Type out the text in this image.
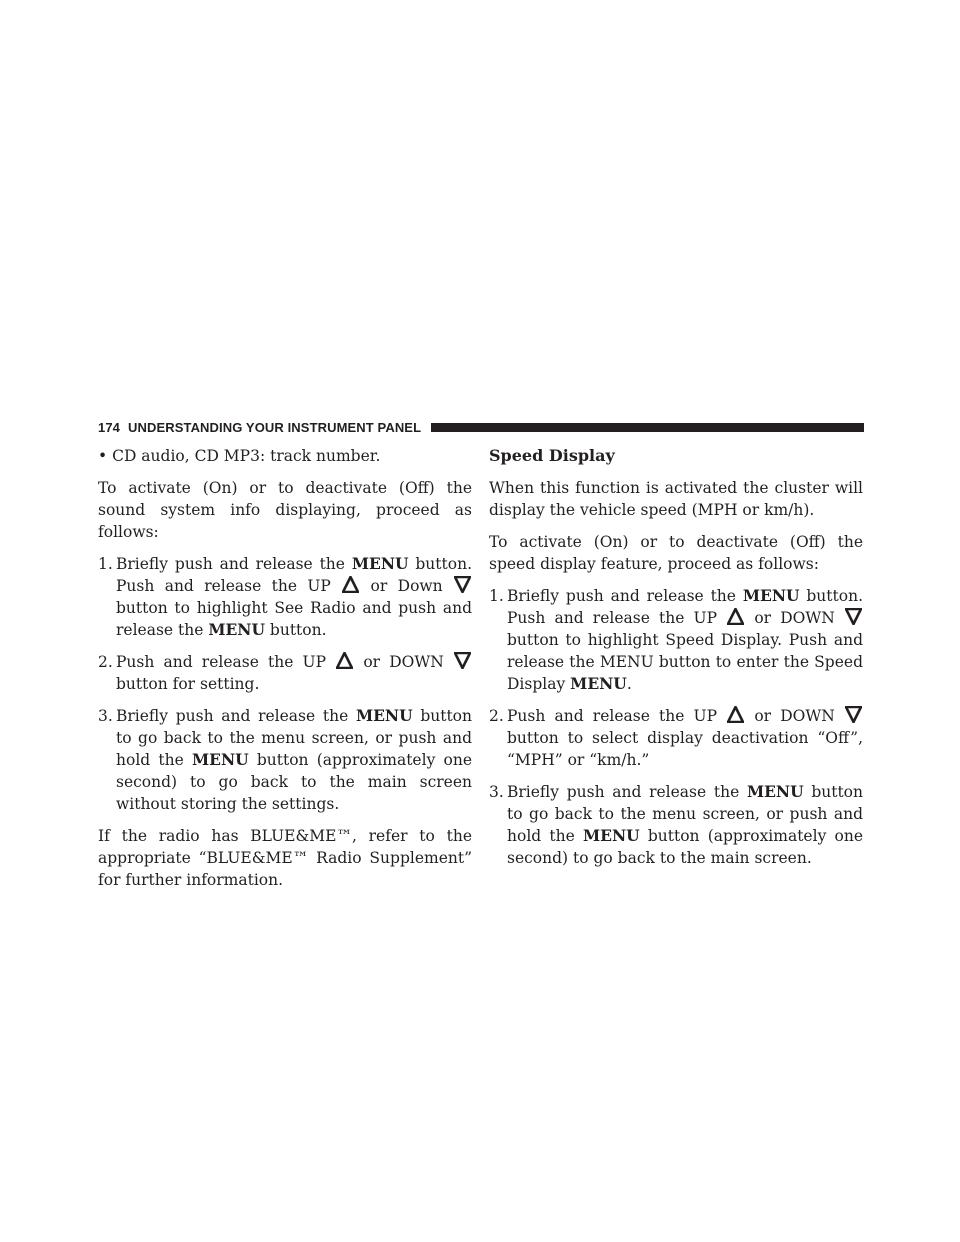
174 UNDERSTANDING YOUR INSTRUMENT PANEL

• CD audio, CD MP3: track number.

To activate (On) or to deactivate (Off) the sound system info displaying, proceed as follows:

1. Briefly push and release the MENU button. Push and release the UP
or Down
button to highlight See Radio and push and release the MENU button.
2. Push and release the UP
or DOWN
button for setting.
3. Briefly push and release the MENU button to go back to the menu screen, or push and hold the MENU button (approximately one second) to go back to the main screen without storing the settings.

If the radio has BLUE&ME™, refer to the appropriate “BLUE&ME™ Radio Supplement” for further information.

Speed Display

When this function is activated the cluster will display the vehicle speed (MPH or km/h).

To activate (On) or to deactivate (Off) the speed display feature, proceed as follows:

1. Briefly push and release the MENU button. Push and release the UP
or DOWN
button to highlight Speed Display. Push and release the MENU button to enter the Speed Display MENU.
2. Push and release the UP
or DOWN
button to select display deactivation “Off”, “MPH” or “km/h.”
3. Briefly push and release the MENU button to go back to the menu screen, or push and hold the MENU button (approximately one second) to go back to the main screen.
